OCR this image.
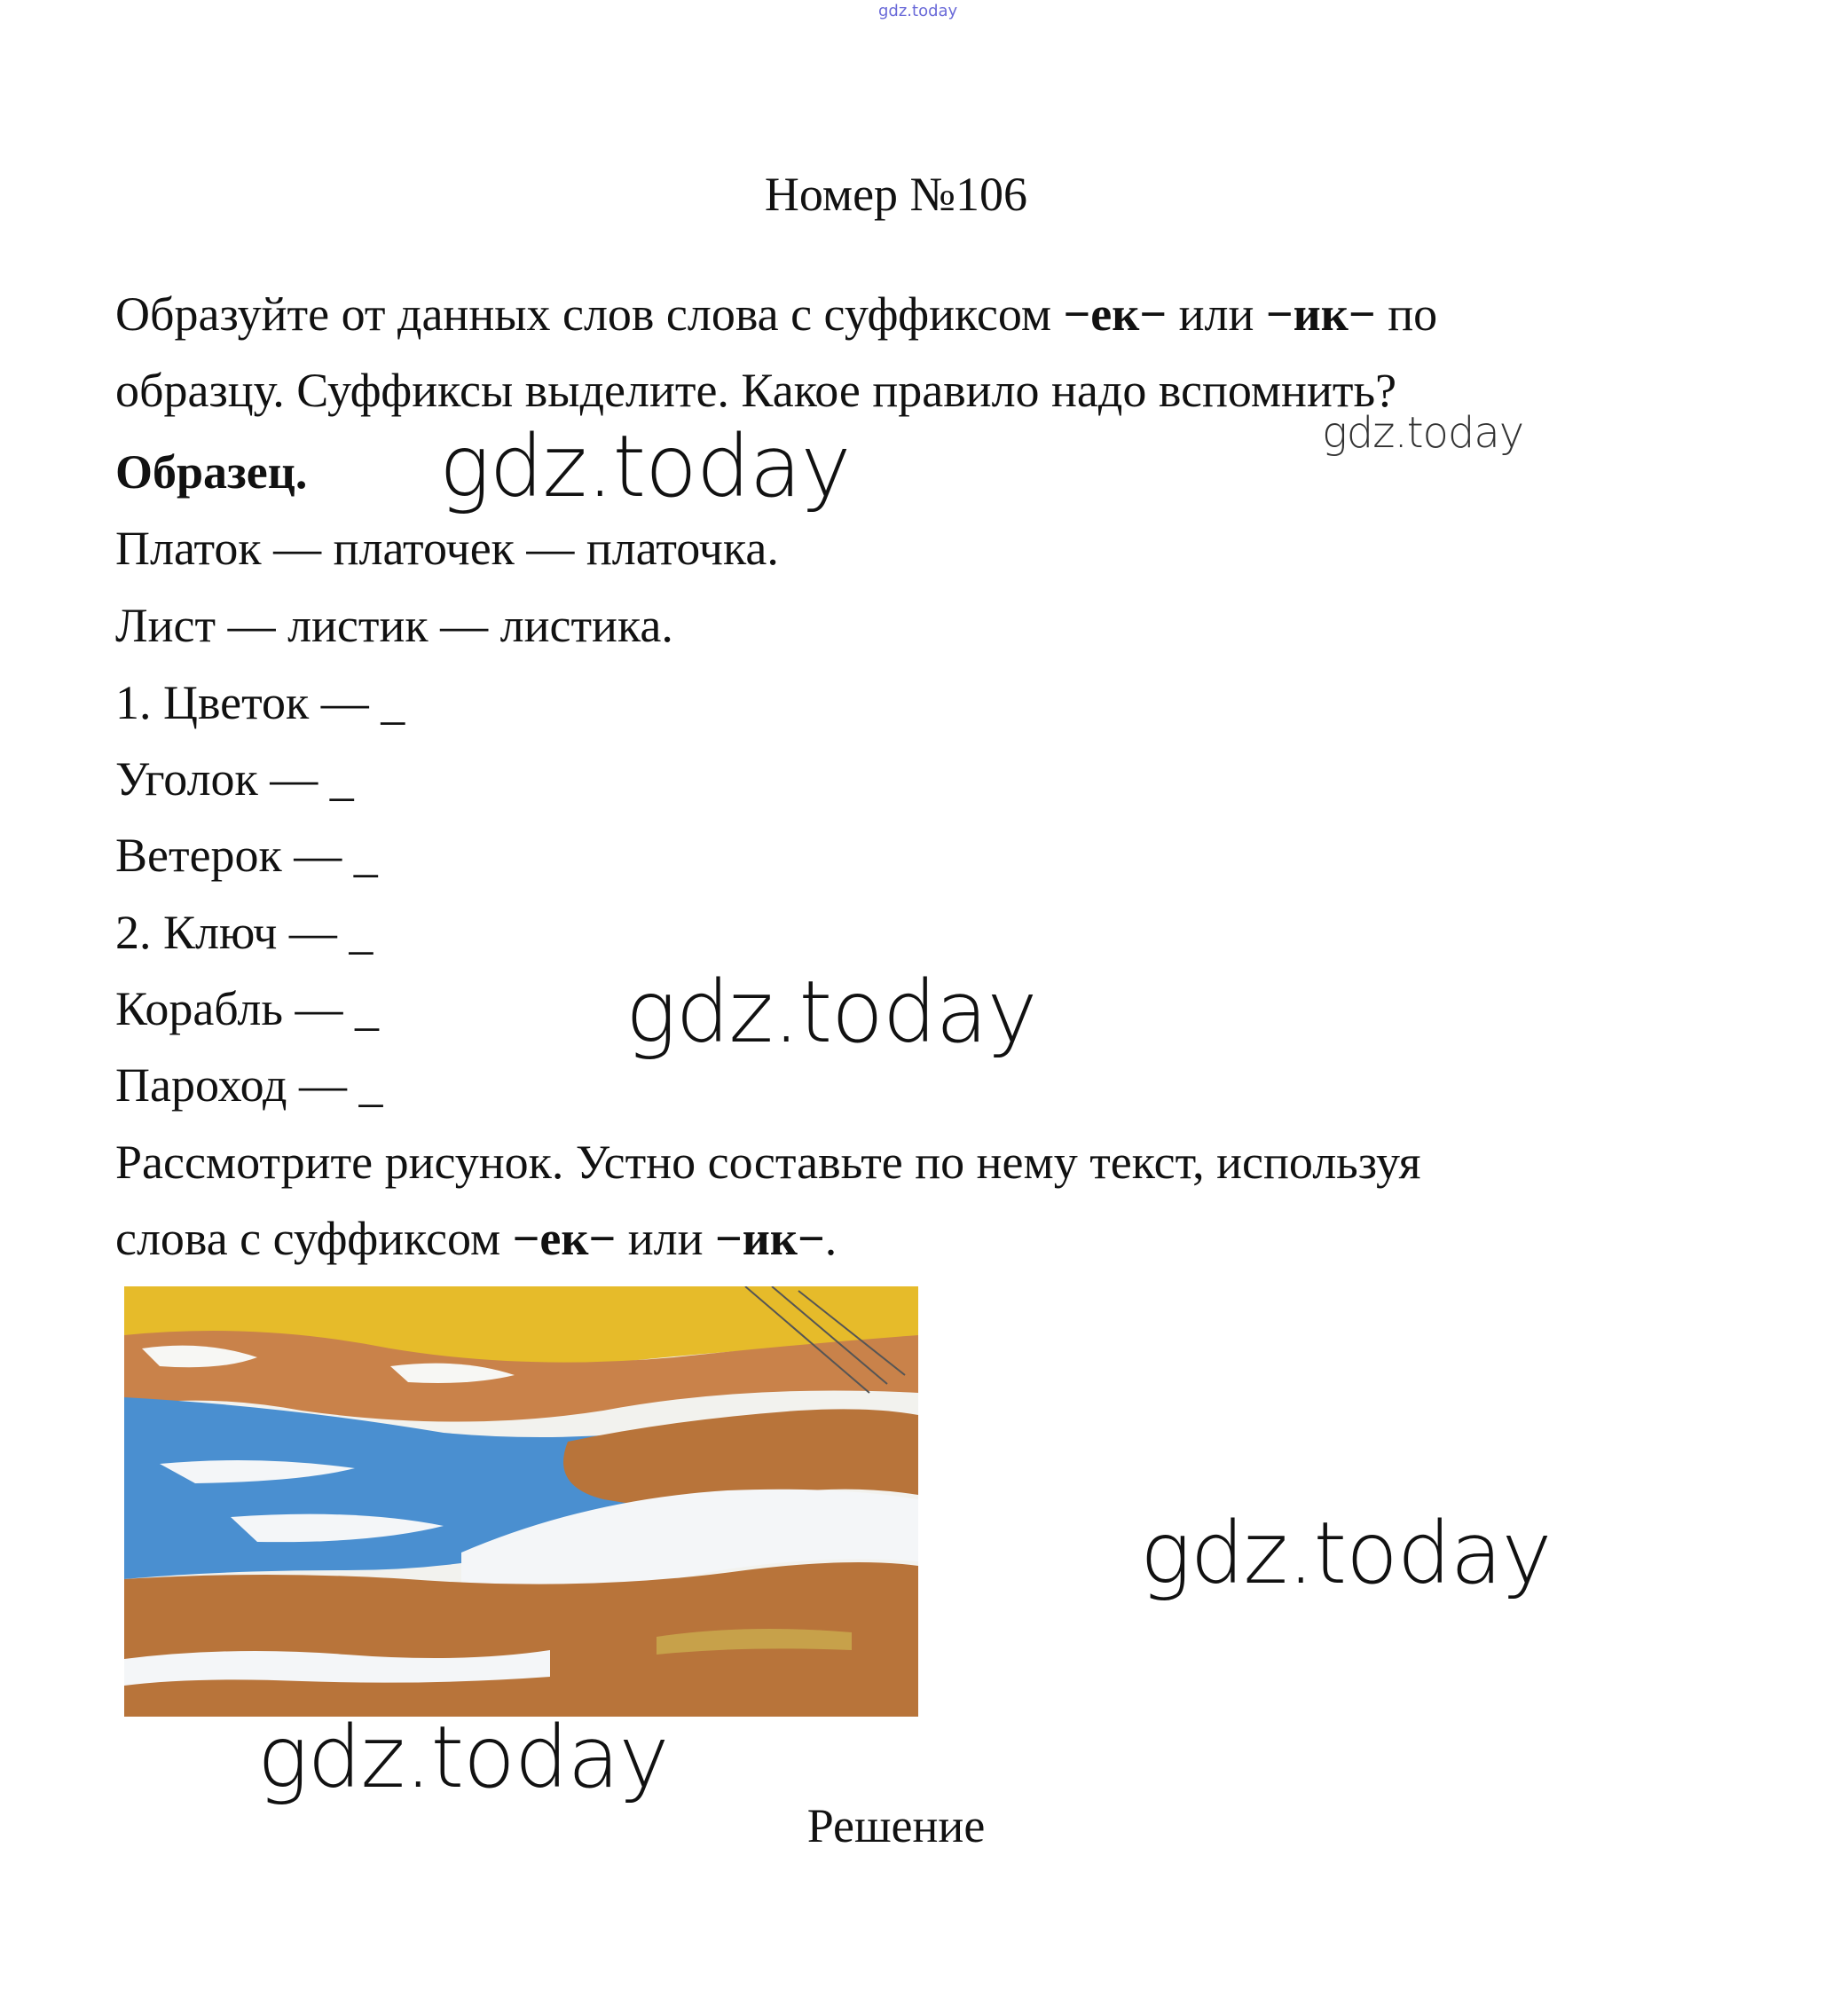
gdz.today
Номер №106
Образуйте от данных слов слова с суффиксом −ек− или −ик− по
образцу. Суффиксы выделите. Какое правило надо вспомнить?
Образец.
Платок — платочек — платочка.
Лист — листик — листика.
1. Цветок — _
Уголок — _
Ветерок — _
2. Ключ — _
Корабль — _
Пароход — _
Рассмотрите рисунок. Устно составьте по нему текст, используя
слова с суффиксом −ек− или −ик−.
gdz.today	gdz.today
gdz.today
gdz.today
gdz.today
Решение
